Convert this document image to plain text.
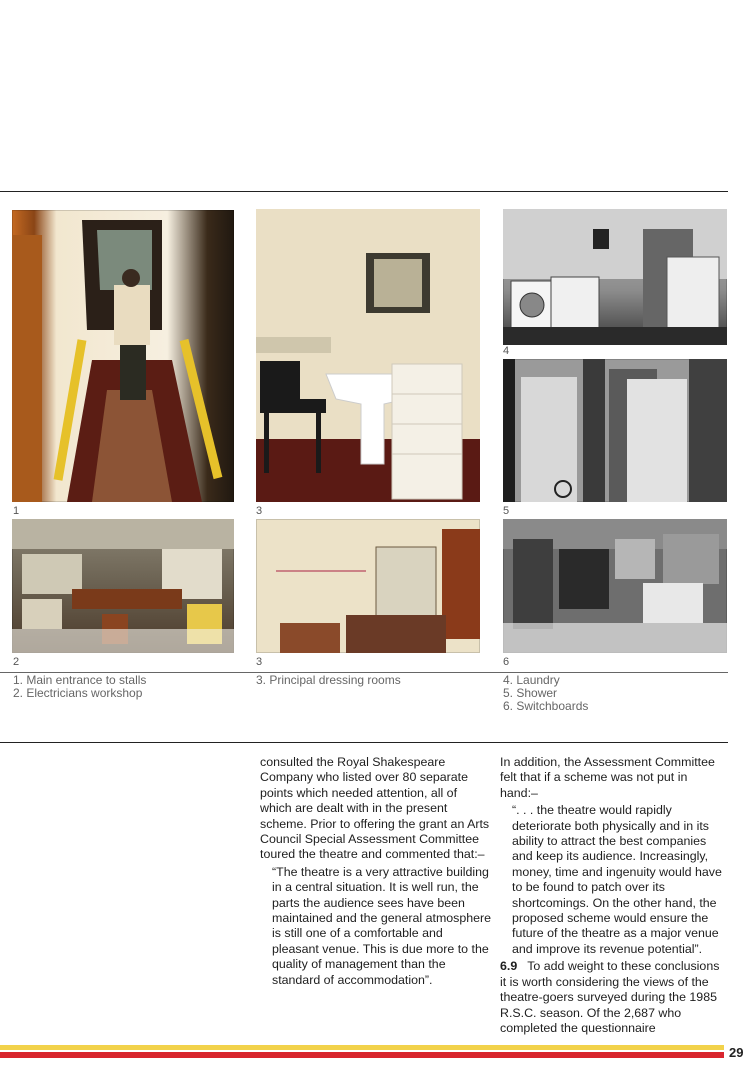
1
2
3
3
4
5
6
1. Main entrance to stalls
2. Electricians workshop
3. Principal dressing rooms	4. Laundry
5. Shower
6. Switchboards

consulted the Royal Shakespeare Company who listed over 80 separate points which needed attention, all of which are dealt with in the present scheme. Prior to offering the grant an Arts Council Special Assessment Committee toured the theatre and commented that:–

“The theatre is a very attractive building in a central situation. It is well run, the parts the audience sees have been maintained and the general atmosphere is still one of a comfortable and pleasant venue. This is due more to the quality of management than the standard of accommodation”.

In addition, the Assessment Committee felt that if a scheme was not put in hand:–

“. . . the theatre would rapidly deteriorate both physically and in its ability to attract the best companies and keep its audience. Increasingly, money, time and ingenuity would have to be found to patch over its shortcomings. On the other hand, the proposed scheme would ensure the future of the theatre as a major venue and improve its revenue potential”.

6.9 To add weight to these conclusions it is worth considering the views of the theatre-goers surveyed during the 1985 R.S.C. season. Of the 2,687 who completed the questionnaire

29
